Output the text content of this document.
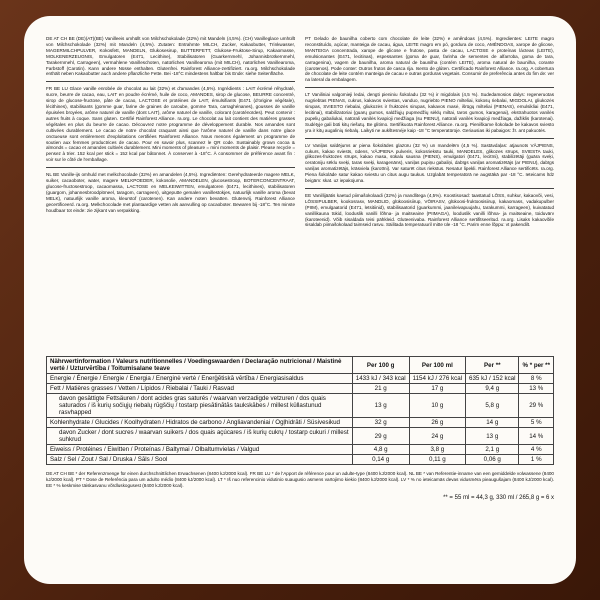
DE AT CH BE (DE)(AT)(BE) Vanilleeis umhüllt von Milchschokolade (32%) mit Mandeln (4,5%). (CH) Vanilleglace umhüllt von Milchschokolade (32%) mit Mandeln (4,5%). Zutaten: Entrahmte MILCH, Zucker, Kakaobutter, Trinkwasser, MAGERMILCHPULVER, Kokosfett, MANDELN, Glukosesirup, BUTTERFETT, Glukose-Fruktose-Sirup, Kakaomasse, MOLKENERZEUGNIS, Emulgatoren (E471, Lecithine), Stabilisatoren (Guarkernmehl, Johannisbrotkernmehl, Tarakernmehl, Carrageen), vermahlene Vanilleschoten, natürliches Vanillearoma (mit MILCH), natürliches Vanillearoma, Farbstoff (Carotin). Kann andere Nüsse enthalten. Glutenfrei. Rainforest Alliance-zertifiziert. ra.org. Milchschokolade enthält neben Kakaobutter auch andere pflanzliche Fette. Bei -18°C mindestens haltbar bis Ende: siehe Seitenfläche.

FR BE LU Glace vanille enrobée de chocolat au lait (32%) et d'amandes (4,5%). Ingrédients : LAIT écrémé réhydraté, sucre, beurre de cacao, eau, LAIT en poudre écrémé, huile de coco, AMANDES, sirop de glucose, BEURRE concentré, sirop de glucose-fructose, pâte de cacao, LACTOSE et protéines de LAIT, émulsifiants (E471 (d'origine végétale), lécithines), stabilisants (gomme guar, farine de graines de caroube, gomme Tara, carraghénanes), gousses de vanille épuisées broyées, arôme naturel de vanille (dont LAIT), arôme naturel de vanille, colorant (caroténoïdes). Peut contenir : autres fruits à coque. Sans gluten. Certifié Rainforest Alliance. ra.org. Le chocolat au lait contient des matières grasses végétales en plus du beurre de cacao. Découvrez notre programme de développement durable. Nos amandes sont cultivées durablement. Le cacao de notre chocolat craquant ainsi que l'arôme naturel de vanille dans notre glace onctueuse sont entièrement d'exploitations certifiées Rainforest Alliance. Nous menons également un programme de soutien aux femmes productrices de cacao. Pour en savoir plus, scannez le QR code. Sustainably grown cocoa & almonds = cacao et amandes cultivés durablement. Mini moments of pleasure = mini moments de plaisir. Please recycle = pensez à trier. 152 kcal per stick = 152 kcal par bâtonnet. À conserver à -18°C. À consommer de préférence avant fin : voir sur le côté de l'emballage.

NL BE Vanille-ijs omhuld met melkchocolade (32%) en amandelen (4,5%). Ingrediënten: Gerehydrateerde magere MELK, suiker, cacaoboter, water, magere MELKPOEDER, kokosolie, AMANDELEN, glucosestroop, BOTERCONCENTRAAT, glucose-fructosestroop, cacaomassa, LACTOSE en MELKEIWITTEN, emulgatoren (E471, lecithines), stabilisatoren (guargom, johannesbroodpitmeel, taragom, carrageen), uitgeputte gemalen vanillestokjes, natuurlijk vanille aroma (bevat MELK), natuurlijk vanille aroma, kleurstof (carotenen). Kan andere noten bevatten. Glutenvrij. Rainforest Alliance gecertificeerd. ra.org. Melkchocolade met plantaardige vetten als aanvulling op cacaoboter. Bewaren bij -18°C. Ten minste houdbaar tot einde: zie zijkant van verpakking.

PT Gelado de baunilha coberto com chocolate de leite (32%) e amêndoas (4,5%). Ingredientes: LEITE magro reconstituído, açúcar, manteiga de cacau, água, LEITE magro em pó, gordura de coco, AMÊNDOAS, xarope de glicose, MANTEIGA concentrada, xarope de glicose e frutose, pasta de cacau, LACTOSE e proteínas lácteas (LEITE), emulsionantes (E471, lecitinas), espessantes (goma de guar, farinha de sementes de alfarroba, goma de tara, carragenina), vagem de baunilha, aroma natural de baunilha (contém LEITE), aroma natural de baunilha, corante (carotenos). Pode conter: Outros frutos de casca rija. Isento de glúten. Certificado Rainforest Alliance. ra.org. A cobertura de chocolate de leite contém manteiga de cacau e outras gorduras vegetais. Consumir de preferência antes do fim de: ver na lateral da embalagem.

LT Vaniliniai valgomieji ledai, dengti pieniniu šokoladu (32 %) ir migdolais (4,5 %). Sudedamosios dalys: regeneruotas nugriebtas PIENAS, cukrus, kakavos sviestas, vanduo, nugriebto PIENO milteliai, kokosų riebalai, MIGDOLAI, gliukozės sirupas, SVIESTO riebalai, gliukozės ir fruktozės sirupas, kakavos masė, išrūgų milteliai (PIENAS), emulsikliai (E471, lecitinai), stabilizatoriai (guarų gumos, saldžiųjų pupmedžių sėklų miltai, taros gumos, karagenai), ekstrahuotos vanilės pupelių gabaliukai, natūrali vanilės kvapioji medžiaga (su PIENU), natūrali vanilės kvapioji medžiaga, dažiklis (karotenai). Sudėtyje gali būti kitų riešutų. Be glitimo. Sertifikuota Rainforest Alliance. ra.org. Pieniškame šokolade be kakavos sviesto yra ir kitų augalinių riebalų. Laikyti ne aukštesnėje kaip -18 °C temperatūroje. Geriausias iki pabaigos: žr. ant pakuotės.

LV Vaniļas saldējums ar piena šokolādes glazūru (32 %) un mandelēm (4,5 %). Sastāvdaļas: atjaunots VĀJPIENS, cukurs, kakao sviests, ūdens, VĀJPIENA pulveris, kokosriekstu tauki, MANDELES, glikozes sīrups, SVIESTA tauki, glikozes-fruktozes sīrups, kakao masa, sūkalu sausna (PIENS), emulgatori (E471, lecitīni), stabilizētāji (guāra sveķi, ceratoniju sēklu sveķi, taras sveķi, karagenāns), vaniļas pupiņu gabaliņi, dabīgs vaniļas aromatizētājs (ar PIENU), dabīgs vaniļas aromatizētājs, krāsviela (karotīni). Var saturēt citus riekstus. Nesatur lipekli. Rainforest Alliance sertificēts. ra.org. Piena šokolāde satur kakao sviestu un citus augu taukus. Uzglabāt temperatūrā ne augstākā par -18 °C. Ieteicams līdz beigām: skat. uz iepakojuma.

EE Vanillijäätis kaetud piimašokolaadi (32%) ja mandlitega (4,5%). Koostisosad: taastatud LÕSS, suhkur, kakaovõi, vesi, LÕSSIPULBER, kookosrasv, MANDLID, glükoosisiirup, VÕIRASV, glükoosi-fruktoosisiirup, kakaomass, vadakupulber (PIIM), emulgaatorid (E471, letsitiinid), stabilisaatorid (guarkummi, jaanileivapuujahu, tarakummi, karrageen), kuivatatud vanillikauna tükid, looduslik vanilli lõhna- ja maitseaine (PIIMAGA), looduslik vanilli lõhna- ja maitseaine, toiduvärv (karoteenid). Võib sisaldada teisi pähkleid. Gluteenivaba. Rainforest Alliance sertifitseeritud. ra.org. Lisaks kakaovõile sisaldab piimašokolaad taimseid rasvu. Säilitada temperatuuril mitte üle -18 °C. Parim enne lõppu: vt pakendilt.

Nährwertinformation / Valeurs nutritionnelles / Voedingswaarden / Declaração nutricional / Maistinė vertė / Uzturvērtība / Toitumisalane teave	Per 100 g	Per 100 ml	Per **	% * per **
Energie / Énergie / Energie / Energia / Energinė vertė / Enerģētiskā vērtība / Energiasisaldus	1433 kJ / 343 kcal	1154 kJ / 276 kcal	635 kJ / 152 kcal	8 %
Fett / Matières grasses / Vetten / Lípidos / Riebalai / Tauki / Rasvad	21 g	17 g	9,4 g	13 %
davon gesättigte Fettsäuren / dont acides gras saturés / waarvan verzadigde vetzuren / dos quais saturados / iš kurių sočiųjų riebalų rūgščių / tostarp piesātinātās taukskābes / millest küllastunud rasvhapped	13 g	10 g	5,8 g	29 %
Kohlenhydrate / Glucides / Koolhydraten / Hidratos de carbono / Angliavandeniai / Ogļhidrāti / Süsivesikud	32 g	26 g	14 g	5 %
davon Zucker / dont sucres / waarvan suikers / dos quais açúcares / iš kurių cukrų / tostarp cukuri / millest suhkrud	29 g	24 g	13 g	14 %
Eiweiss / Protéines / Eiwitten / Proteínas / Baltymai / Olbaltumvielas / Valgud	4,8 g	3,8 g	2,1 g	4 %
Salz / Sel / Zout / Sal / Druska / Sāls / Sool	0,14 g	0,11 g	0,06 g	1 %
DE AT CH BE * der Referenzmenge für einen durchschnittlichen Erwachsenen (8400 kJ/2000 kcal). FR BE LU * de l'Apport de référence pour un adulte-type (8400 kJ/2000 kcal). NL BE * van Referentie-inname van een gemiddelde volwassene (8400 kJ/2000 kcal). PT * Dose de Referência para um adulto médio (8400 kJ/2000 kcal). LT * Iš nuo referencinio vidutinio suaugusio asmens vartojimo kiekio (8400 kJ/2000 kcal). LV * % no ieteicamās devas vidusmēra pieaugušajam (8400 kJ/2000 kcal). EE * % keskmise täiskasvanu võrdluskogusest (8400 kJ/2000 kcal).
** = 55 ml = 44,3 g, 330 ml / 265,8 g = 6 x
